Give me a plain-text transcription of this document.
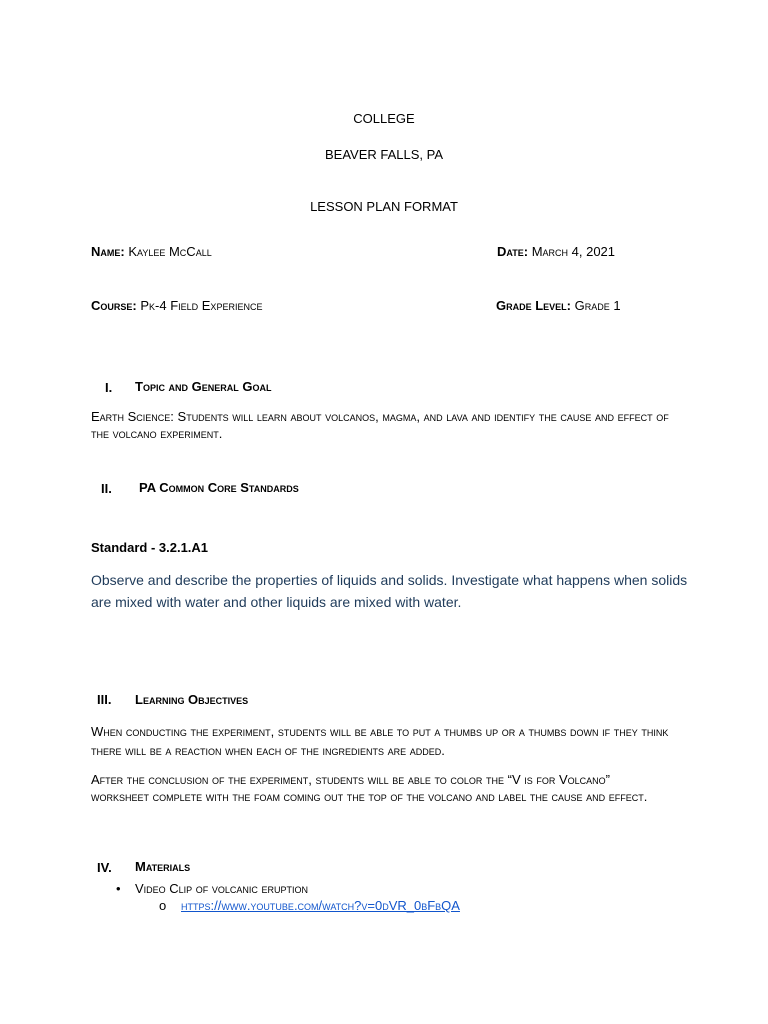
COLLEGE
BEAVER FALLS, PA
LESSON PLAN FORMAT
Name: Kaylee McCall	Date: March 4, 2021
Course: Pk-4 Field Experience	Grade Level: Grade 1
I. Topic and General Goal
Earth Science: Students will learn about volcanos, magma, and lava and identify the cause and effect of the volcano experiment.
II. PA Common Core Standards
Standard - 3.2.1.A1
Observe and describe the properties of liquids and solids. Investigate what happens when solids are mixed with water and other liquids are mixed with water.
III. Learning Objectives
When conducting the experiment, students will be able to put a thumbs up or a thumbs down if they think there will be a reaction when each of the ingredients are added.
After the conclusion of the experiment, students will be able to color the “V is for Volcano” worksheet complete with the foam coming out the top of the volcano and label the cause and effect.
IV. Materials
• Video Clip of volcanic eruption
o https://www.youtube.com/watch?v=0dVR_0bFbQA
